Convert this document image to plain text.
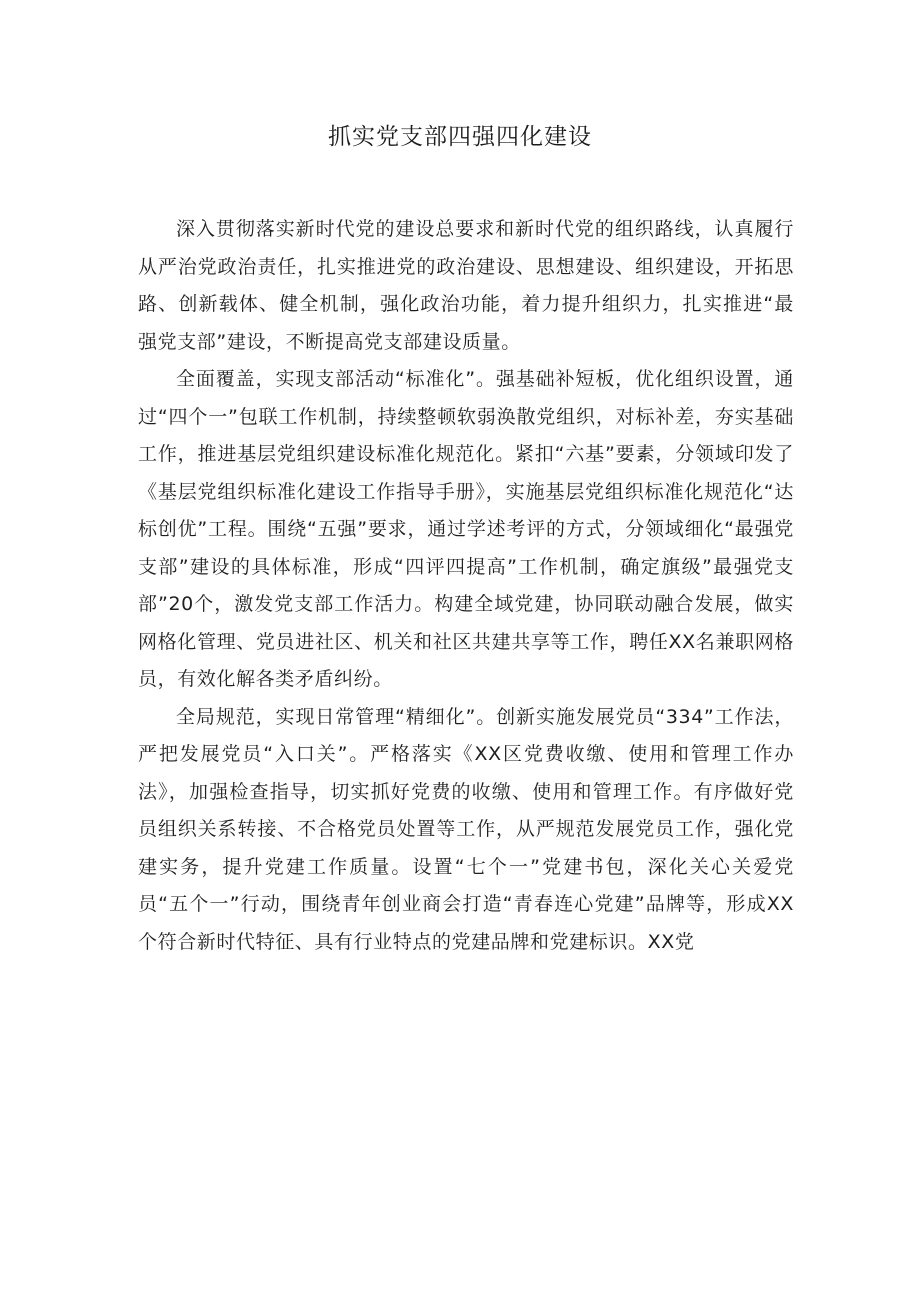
抓实党支部四强四化建设

深入贯彻落实新时代党的建设总要求和新时代党的组织路线，认真履行从严治党政治责任，扎实推进党的政治建设、思想建设、组织建设，开拓思路、创新载体、健全机制，强化政治功能，着力提升组织力，扎实推进“最强党支部”建设，不断提高党支部建设质量。

全面覆盖，实现支部活动“标准化”。强基础补短板，优化组织设置，通过“四个一”包联工作机制，持续整顿软弱涣散党组织，对标补差，夯实基础工作，推进基层党组织建设标准化规范化。紧扣“六基”要素，分领域印发了《基层党组织标准化建设工作指导手册》，实施基层党组织标准化规范化“达标创优”工程。围绕“五强”要求，通过学述考评的方式，分领域细化“最强党支部”建设的具体标准，形成“四评四提高”工作机制，确定旗级”最强党支部”20个，激发党支部工作活力。构建全域党建，协同联动融合发展，做实网格化管理、党员进社区、机关和社区共建共享等工作，聘任XX名兼职网格员，有效化解各类矛盾纠纷。

全局规范，实现日常管理“精细化”。创新实施发展党员“334”工作法，严把发展党员“入口关”。严格落实《XX区党费收缴、使用和管理工作办法》，加强检查指导，切实抓好党费的收缴、使用和管理工作。有序做好党员组织关系转接、不合格党员处置等工作，从严规范发展党员工作，强化党建实务，提升党建工作质量。设置“七个一”党建书包，深化关心关爱党员“五个一”行动，围绕青年创业商会打造“青春连心党建”品牌等，形成XX个符合新时代特征、具有行业特点的党建品牌和党建标识。XX党
